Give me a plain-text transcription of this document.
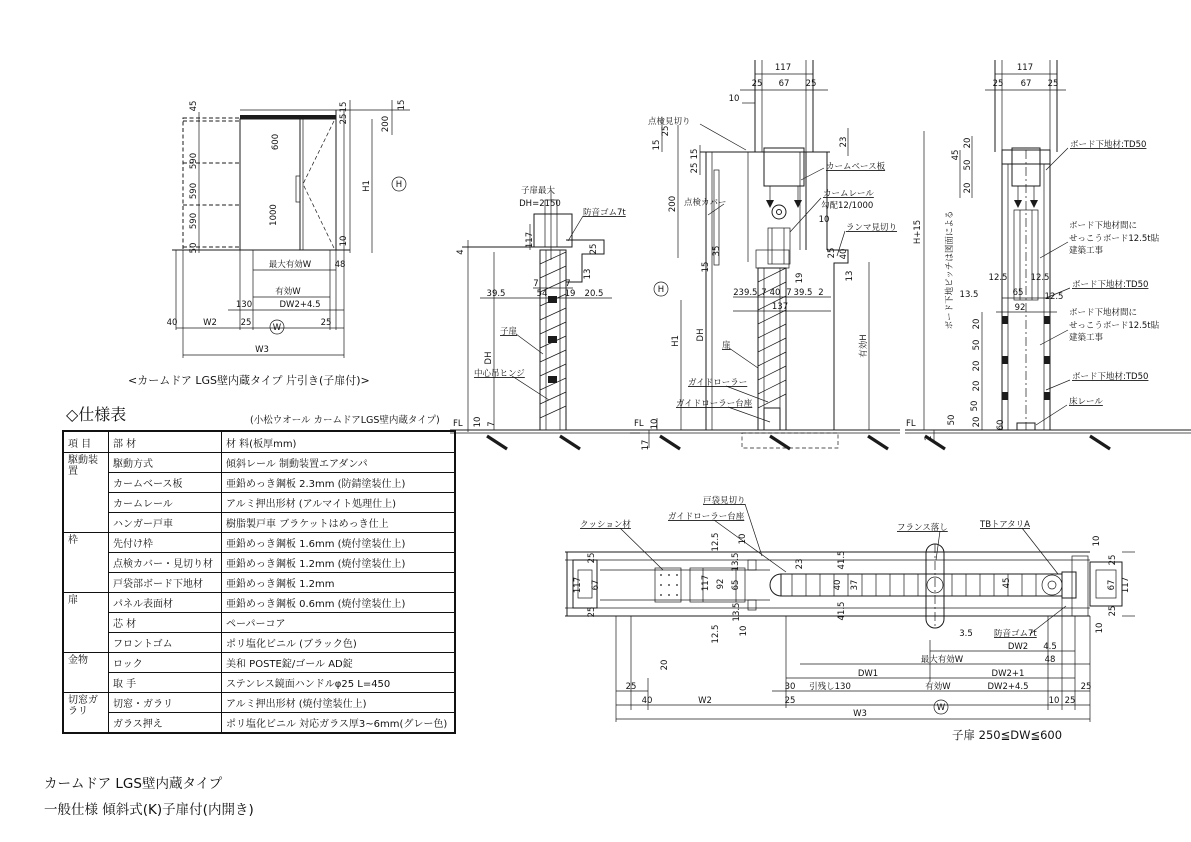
45
590
590
590
50
600
1000
15
25
15
200
H1	H
10
最大有効W	48
有効W
130	DW2+4.5
40	W2	25	W	25
W3
子扉最大
DH=2150
防音ゴム7t
4
117
25
13
7	7
39.5	54 19 20.5
子扉
DH
中心吊ヒンジ
FL 10 7
117
25 67 25
10
点検見切り
25
15
15
25
200 点検カバー
23
カームベース板
カームレール
勾配12/1000
10
ランマ見切り
25 40
13
35
15
19
H
H1 DH
2 39.5 7 40 7 39.5 2
137
扉	有効H
ガイドローラー
ガイドローラー台座
FL 10
17
117
25 67 25
45
20
50
20
ボード下地材:TD50
H+15	ボード下地ピッチは図面による	ボード下地材間に
せっこうボード12.5t貼
建築工事
12.5	12.5
ボード下地材:TD50
13.5	65 12.5
92	ボード下地材間に
せっこうボード12.5t貼
建築工事
20
50
20
20
ボード下地材:TD50
50
50 20
床レール
FL
2
60
クッション材
ガイドローラー台座
戸袋見切り
12.5 10
25
67
25
117	117 92
13.5
65
13.5
12.5 10
23	41.5
40 37
41.5
フランス落し	TBトアタリA
45
10
25
67 117
25
10
3.5 防音ゴム7t
DW2 4.5
最大有効W	48
DW1	DW2+1
30 引残し130	有効W	DW2+4.5
20
25
40	W2	25
W
10 25
25
W3
<カームドア LGS壁内蔵タイプ 片引き(子扉付)>
◇仕様表	(小松ウオール カームドアLGS壁内蔵タイプ)
子扉 250≦DW≦600
カームドア LGS壁内蔵タイプ
一般仕様 傾斜式(K)子扉付(内開き)
項 目	部 材	材 料(板厚mm)
駆動装置	駆動方式	傾斜レール 制動装置エアダンパ
	カームベース板	亜鉛めっき鋼板 2.3mm (防錆塗装仕上)
	カームレール	アルミ押出形材 (アルマイト処理仕上)
	ハンガー戸車	樹脂製戸車 ブラケットはめっき仕上
枠	先付け枠	亜鉛めっき鋼板 1.6mm (焼付塗装仕上)
	点検カバー・見切り材	亜鉛めっき鋼板 1.2mm (焼付塗装仕上)
	戸袋部ボード下地材	亜鉛めっき鋼板 1.2mm
扉	パネル表面材	亜鉛めっき鋼板 0.6mm (焼付塗装仕上)
	芯 材	ペーパーコア
	フロントゴム	ポリ塩化ビニル (ブラック色)
金物	ロック	美和 POSTE錠/ゴール AD錠
	取 手	ステンレス鏡面ハンドルφ25 L=450
切窓ガラリ	切窓・ガラリ	アルミ押出形材 (焼付塗装仕上)
	ガラス押え	ポリ塩化ビニル 対応ガラス厚3~6mm(グレー色)
